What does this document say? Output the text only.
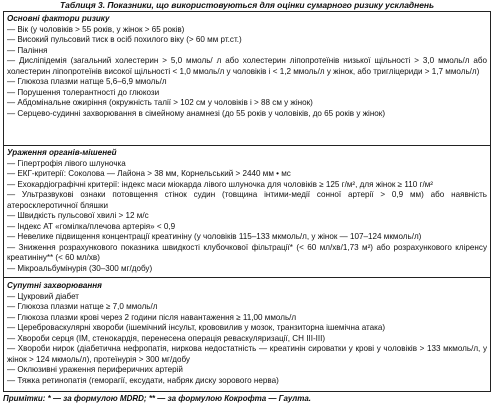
Таблиця 3. Показники, що використовуються для оцінки сумарного ризику ускладнень
Основні фактори ризику
— Вік (у чоловіків > 55 років, у жінок > 65 років)
— Високий пульсовий тиск в осіб похилого віку (> 60 мм рт.ст.)
— Паління
— Дисліпідемія (загальний холестерин > 5,0 ммоль/ л або холестерин ліпопротеїнів низької щільності > 3,0 ммоль/л або холестерин ліпопротеїнів високої щільності < 1,0 ммоль/л у чоловіків і < 1,2 ммоль/л у жінок, або тригліцериди > 1,7 ммоль/л)
— Глюкоза плазми натще 5,6–6,9 ммоль/л
— Порушення толерантності до глюкози
— Абдомінальне ожиріння (окружність талії > 102 см у чоловіків і > 88 см у жінок)
— Серцево-судинні захворювання в сімейному анамнезі (до 55 років у чоловіків, до 65 років у жінок)
Ураження органів-мішеней
— Гіпертрофія лівого шлуночка
— ЕКГ-критерії: Соколова — Лайона > 38 мм, Корнельський > 2440 мм • мс
— Ехокардіографічні критерії: індекс маси міокарда лівого шлуночка для чоловіків ≥ 125 г/м², для жінок ≥ 110 г/м²
— Ультразвукові ознаки потовщення стінок судин (товщина інтими-медії сонної артерії > 0,9 мм) або наявність атеросклеротичної бляшки
— Швидкість пульсової хвилі > 12 м/с
— Індекс АТ «гомілка/плечова артерія» < 0,9
— Невелике підвищення концентрації креатиніну (у чоловіків 115–133 мкмоль/л, у жінок — 107–124 мкмоль/л)
— Зниження розрахункового показника швидкості клубочкової фільтрації* (< 60 мл/хв/1,73 м²) або розрахункового кліренсу креатиніну** (< 60 мл/хв)
— Мікроальбумінурія (30–300 мг/добу)
Супутні захворювання
— Цукровий діабет
— Глюкоза плазми натще ≥ 7,0 ммоль/л
— Глюкоза плазми крові через 2 години після навантаження ≥ 11,00 ммоль/л
— Цереброваскулярні хвороби (ішемічний інсульт, крововилив у мозок, транзиторна ішемічна атака)
— Хвороби серця (ІМ, стенокардія, перенесена операція реваскуляризації, СН ІІІ-ІІІ)
— Хвороби нирок (діабетична нефропатія, ниркова недостатність — креатинін сироватки у крові у чоловіків > 133 мкмоль/л, у жінок > 124 мкмоль/л), протеїнурія > 300 мг/добу
— Оклюзивні ураження периферичних артерій
— Тяжка ретинопатія (геморагії, ексудати, набряк диску зорового нерва)
Примітки: * — за формулою MDRD; ** — за формулою Кокрофта — Гаулта.
